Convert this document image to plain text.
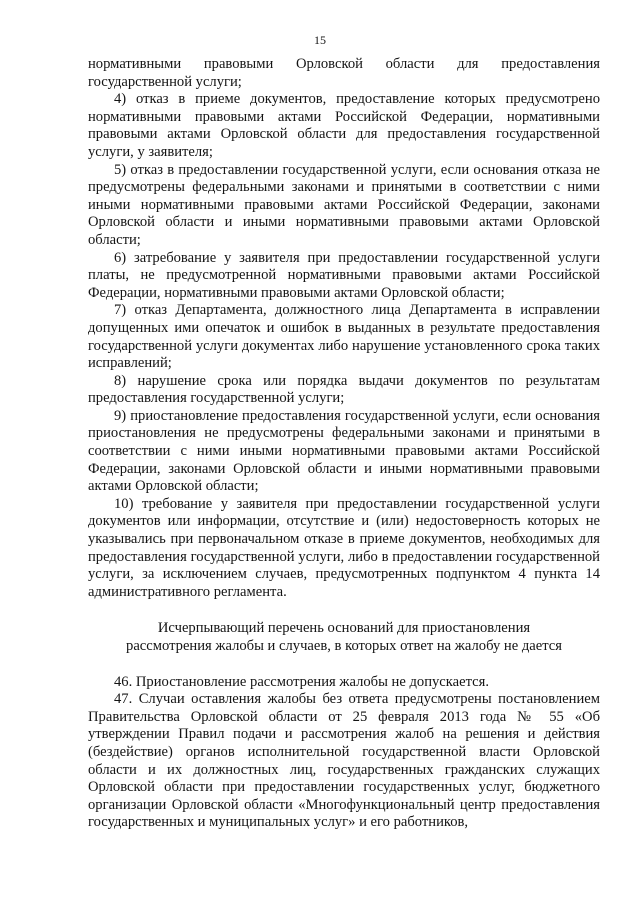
15

нормативными правовыми Орловской области для предоставления государственной услуги;

4) отказ в приеме документов, предоставление которых предусмотрено нормативными правовыми актами Российской Федерации, нормативными правовыми актами Орловской области для предоставления государственной услуги, у заявителя;

5) отказ в предоставлении государственной услуги, если основания отказа не предусмотрены федеральными законами и принятыми в соответствии с ними иными нормативными правовыми актами Российской Федерации, законами Орловской области и иными нормативными правовыми актами Орловской области;

6) затребование у заявителя при предоставлении государственной услуги платы, не предусмотренной нормативными правовыми актами Российской Федерации, нормативными правовыми актами Орловской области;

7) отказ Департамента, должностного лица Департамента в исправлении допущенных ими опечаток и ошибок в выданных в результате предоставления государственной услуги документах либо нарушение установленного срока таких исправлений;

8) нарушение срока или порядка выдачи документов по результатам предоставления государственной услуги;

9) приостановление предоставления государственной услуги, если основания приостановления не предусмотрены федеральными законами и принятыми в соответствии с ними иными нормативными правовыми актами Российской Федерации, законами Орловской области и иными нормативными правовыми актами Орловской области;

10) требование у заявителя при предоставлении государственной услуги документов или информации, отсутствие и (или) недостоверность которых не указывались при первоначальном отказе в приеме документов, необходимых для предоставления государственной услуги, либо в предоставлении государственной услуги, за исключением случаев, предусмотренных подпунктом 4 пункта 14 административного регламента.

Исчерпывающий перечень оснований для приостановления
рассмотрения жалобы и случаев, в которых ответ на жалобу не дается

46. Приостановление рассмотрения жалобы не допускается.

47. Случаи оставления жалобы без ответа предусмотрены постановлением Правительства Орловской области от 25 февраля 2013 года № 55 «Об утверждении Правил подачи и рассмотрения жалоб на решения и действия (бездействие) органов исполнительной государственной власти Орловской области и их должностных лиц, государственных гражданских служащих Орловской области при предоставлении государственных услуг, бюджетного организации Орловской области «Многофункциональный центр предоставления государственных и муниципальных услуг» и его работников,
